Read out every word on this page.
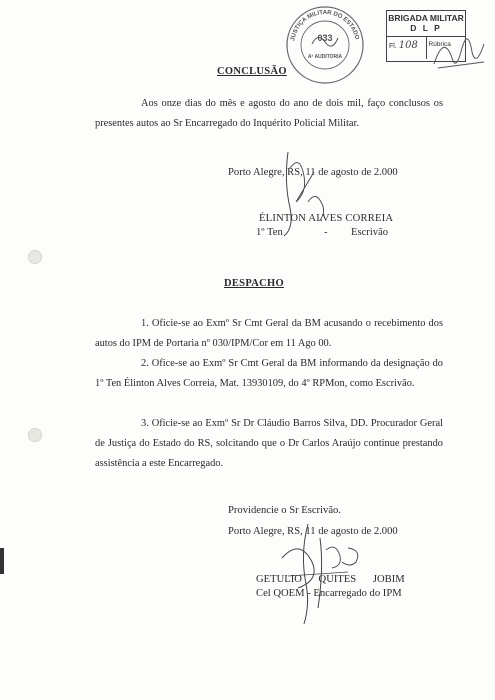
JUSTIÇA MILITAR DO ESTADO
033
Aª AUDITORIA
BRIGADA MILITAR
D L P
Fl. 108	Rúbrica
CONCLUSÃO
Aos onze dias do mês e agosto do ano de dois mil, faço conclusos os presentes autos ao Sr Encarregado do Inquérito Policial Militar.
Porto Alegre, RS, 11 de agosto de 2.000
ÉLINTON ALVES CORREIA
1º Ten	- Escrivão
DESPACHO
1. Oficie-se ao Exmº Sr Cmt Geral da BM acusando o recebimento dos autos do IPM de Portaria nº 030/IPM/Cor em 11 Ago 00.
2. Ofice-se ao Exmº Sr Cmt Geral da BM informando da designação do 1º Ten Élinton Alves Correia, Mat. 13930109, do 4º RPMon, como Escrivão.
3. Oficie-se ao Exmº Sr Dr Cláudio Barros Silva, DD. Procurador Geral de Justiça do Estado do RS, solcitando que o Dr Carlos Araújo continue prestando assistência a este Encarregado.
Providencie o Sr Escrivão.
Porto Alegre, RS, 11 de agosto de 2.000
GETULIO QUITES JOBIM
Cel QOEM - Encarregado do IPM
